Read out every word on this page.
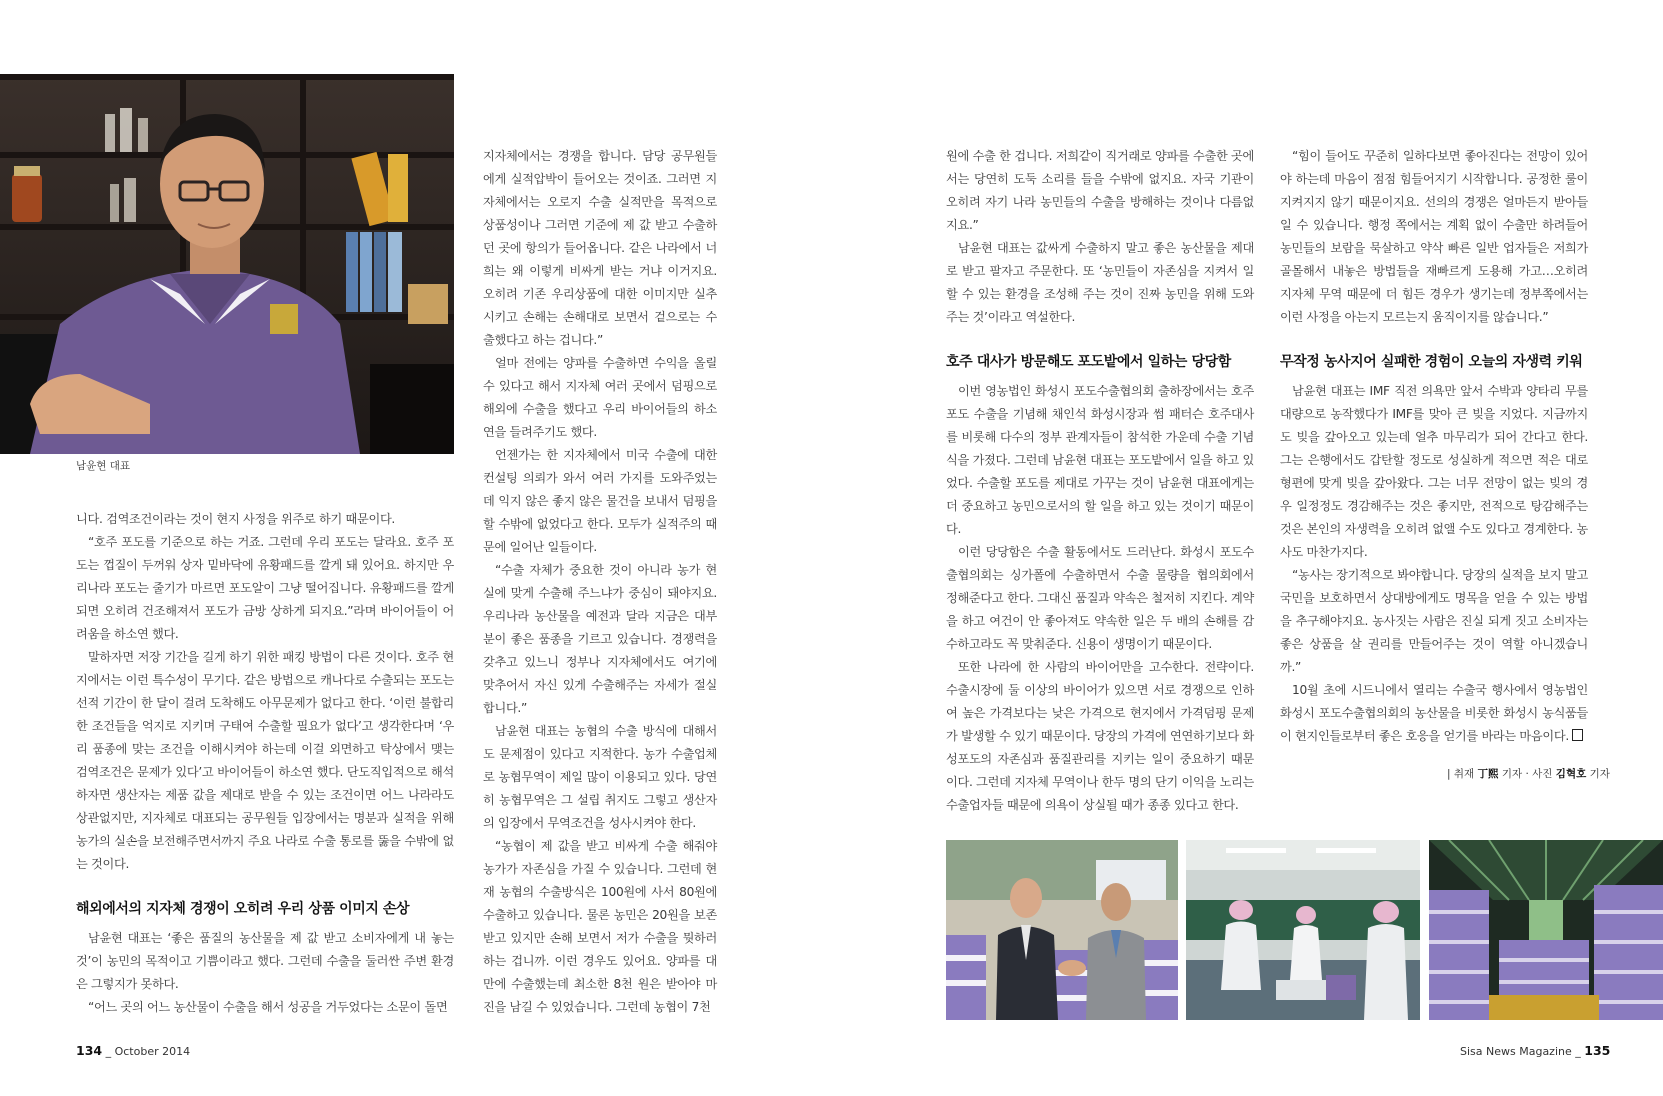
남윤현 대표

니다. 검역조건이라는 것이 현지 사정을 위주로 하기 때문이다.

“호주 포도를 기준으로 하는 거죠. 그런데 우리 포도는 달라요. 호주 포도는 껍질이 두꺼워 상자 밑바닥에 유황패드를 깔게 돼 있어요. 하지만 우리나라 포도는 줄기가 마르면 포도알이 그냥 떨어집니다. 유황패드를 깔게 되면 오히려 건조해져서 포도가 금방 상하게 되지요.”라며 바이어들이 어려움을 하소연 했다.

말하자면 저장 기간을 길게 하기 위한 패킹 방법이 다른 것이다. 호주 현지에서는 이런 특수성이 무기다. 같은 방법으로 캐나다로 수출되는 포도는 선적 기간이 한 달이 걸려 도착해도 아무문제가 없다고 한다. ‘이런 불합리한 조건들을 억지로 지키며 구태여 수출할 필요가 없다’고 생각한다며 ‘우리 품종에 맞는 조건을 이해시켜야 하는데 이걸 외면하고 탁상에서 맺는 검역조건은 문제가 있다’고 바이어들이 하소연 했다. 단도직입적으로 해석하자면 생산자는 제품 값을 제대로 받을 수 있는 조건이면 어느 나라라도 상관없지만, 지자체로 대표되는 공무원들 입장에서는 명분과 실적을 위해 농가의 실손을 보전해주면서까지 주요 나라로 수출 통로를 뚫을 수밖에 없는 것이다.

해외에서의 지자체 경쟁이 오히려 우리 상품 이미지 손상

남윤현 대표는 ‘좋은 품질의 농산물을 제 값 받고 소비자에게 내 놓는 것’이 농민의 목적이고 기쁨이라고 했다. 그런데 수출을 둘러싼 주변 환경은 그렇지가 못하다.

“어느 곳의 어느 농산물이 수출을 해서 성공을 거두었다는 소문이 돌면

지자체에서는 경쟁을 합니다. 담당 공무원들에게 실적압박이 들어오는 것이죠. 그러면 지자체에서는 오로지 수출 실적만을 목적으로 상품성이나 그러면 기준에 제 값 받고 수출하던 곳에 항의가 들어옵니다. 같은 나라에서 너희는 왜 이렇게 비싸게 받는 거냐 이거지요. 오히려 기존 우리상품에 대한 이미지만 실추시키고 손해는 손해대로 보면서 겉으로는 수출했다고 하는 겁니다.”

얼마 전에는 양파를 수출하면 수익을 올릴 수 있다고 해서 지자체 여러 곳에서 덤핑으로 해외에 수출을 했다고 우리 바이어들의 하소연을 들려주기도 했다.

언젠가는 한 지자체에서 미국 수출에 대한 컨설팅 의뢰가 와서 여러 가지를 도와주었는데 익지 않은 좋지 않은 물건을 보내서 덤핑을 할 수밖에 없었다고 한다. 모두가 실적주의 때문에 일어난 일들이다.

“수출 자체가 중요한 것이 아니라 농가 현실에 맞게 수출해 주느냐가 중심이 돼야지요. 우리나라 농산물을 예전과 달라 지금은 대부분이 좋은 품종을 기르고 있습니다. 경쟁력을 갖추고 있느니 정부나 지자체에서도 여기에 맞추어서 자신 있게 수출해주는 자세가 절실합니다.”

남윤현 대표는 농협의 수출 방식에 대해서도 문제점이 있다고 지적한다. 농가 수출업체로 농협무역이 제일 많이 이용되고 있다. 당연히 농협무역은 그 설립 취지도 그렇고 생산자의 입장에서 무역조건을 성사시켜야 한다.

“농협이 제 값을 받고 비싸게 수출 해줘야 농가가 자존심을 가질 수 있습니다. 그런데 현재 농협의 수출방식은 100원에 사서 80원에 수출하고 있습니다. 물론 농민은 20원을 보존받고 있지만 손해 보면서 저가 수출을 뭣하러 하는 겁니까. 이런 경우도 있어요. 양파를 대만에 수출했는데 최소한 8천 원은 받아야 마진을 남길 수 있었습니다. 그런데 농협이 7천

원에 수출 한 겁니다. 저희같이 직거래로 양파를 수출한 곳에서는 당연히 도둑 소리를 들을 수밖에 없지요. 자국 기관이 오히려 자기 나라 농민들의 수출을 방해하는 것이나 다름없지요.”

남윤현 대표는 값싸게 수출하지 말고 좋은 농산물을 제대로 받고 팔자고 주문한다. 또 ‘농민들이 자존심을 지켜서 일할 수 있는 환경을 조성해 주는 것이 진짜 농민을 위해 도와주는 것’이라고 역설한다.

호주 대사가 방문해도 포도밭에서 일하는 당당함

이번 영농법인 화성시 포도수출협의회 출하장에서는 호주 포도 수출을 기념해 채인석 화성시장과 썸 패터슨 호주대사를 비롯해 다수의 정부 관계자들이 참석한 가운데 수출 기념식을 가졌다. 그런데 남윤현 대표는 포도밭에서 일을 하고 있었다. 수출할 포도를 제대로 가꾸는 것이 남윤현 대표에게는 더 중요하고 농민으로서의 할 일을 하고 있는 것이기 때문이다.

이런 당당함은 수출 활동에서도 드러난다. 화성시 포도수출협의회는 싱가폴에 수출하면서 수출 물량을 협의회에서 정해준다고 한다. 그대신 품질과 약속은 철저히 지킨다. 계약을 하고 여건이 안 좋아져도 약속한 일은 두 배의 손해를 감수하고라도 꼭 맞춰준다. 신용이 생명이기 때문이다.

또한 나라에 한 사람의 바이어만을 고수한다. 전략이다. 수출시장에 둘 이상의 바이어가 있으면 서로 경쟁으로 인하여 높은 가격보다는 낮은 가격으로 현지에서 가격덤핑 문제가 발생할 수 있기 때문이다. 당장의 가격에 연연하기보다 화성포도의 자존심과 품질관리를 지키는 일이 중요하기 때문이다. 그런데 지자체 무역이나 한두 명의 단기 이익을 노리는 수출업자들 때문에 의욕이 상실될 때가 종종 있다고 한다.

“힘이 들어도 꾸준히 일하다보면 좋아진다는 전망이 있어야 하는데 마음이 점점 힘들어지기 시작합니다. 공정한 룰이 지켜지지 않기 때문이지요. 선의의 경쟁은 얼마든지 받아들일 수 있습니다. 행정 쪽에서는 계획 없이 수출만 하려들어 농민들의 보람을 묵살하고 약삭 빠른 일반 업자들은 저희가 골몰해서 내놓은 방법들을 재빠르게 도용해 가고…오히려 지자체 무역 때문에 더 힘든 경우가 생기는데 정부쪽에서는 이런 사정을 아는지 모르는지 움직이지를 않습니다.”

무작정 농사지어 실패한 경험이 오늘의 자생력 키워

남윤현 대표는 IMF 직전 의욕만 앞서 수박과 양타리 무를 대량으로 농작했다가 IMF를 맞아 큰 빚을 지었다. 지금까지도 빚을 갚아오고 있는데 얼추 마무리가 되어 간다고 한다. 그는 은행에서도 갑탄할 정도로 성실하게 적으면 적은 대로 형편에 맞게 빚을 갚아왔다. 그는 너무 전망이 없는 빚의 경우 일정정도 경감해주는 것은 좋지만, 전적으로 탕감해주는 것은 본인의 자생력을 오히려 없앨 수도 있다고 경계한다. 농사도 마찬가지다.

“농사는 장기적으로 봐야합니다. 당장의 실적을 보지 말고 국민을 보호하면서 상대방에게도 명목을 얻을 수 있는 방법을 추구해야지요. 농사짓는 사람은 진실 되게 짓고 소비자는 좋은 상품을 살 권리를 만들어주는 것이 역할 아니겠습니까.”

10월 초에 시드니에서 열리는 수출국 행사에서 영농법인 화성시 포도수출협의회의 농산물을 비롯한 화성시 농식품들이 현지인들로부터 좋은 호응을 얻기를 바라는 마음이다.

| 취재 丁熙 기자 · 사진 김혁호 기자
134 _ October 2014	Sisa News Magazine _ 135
